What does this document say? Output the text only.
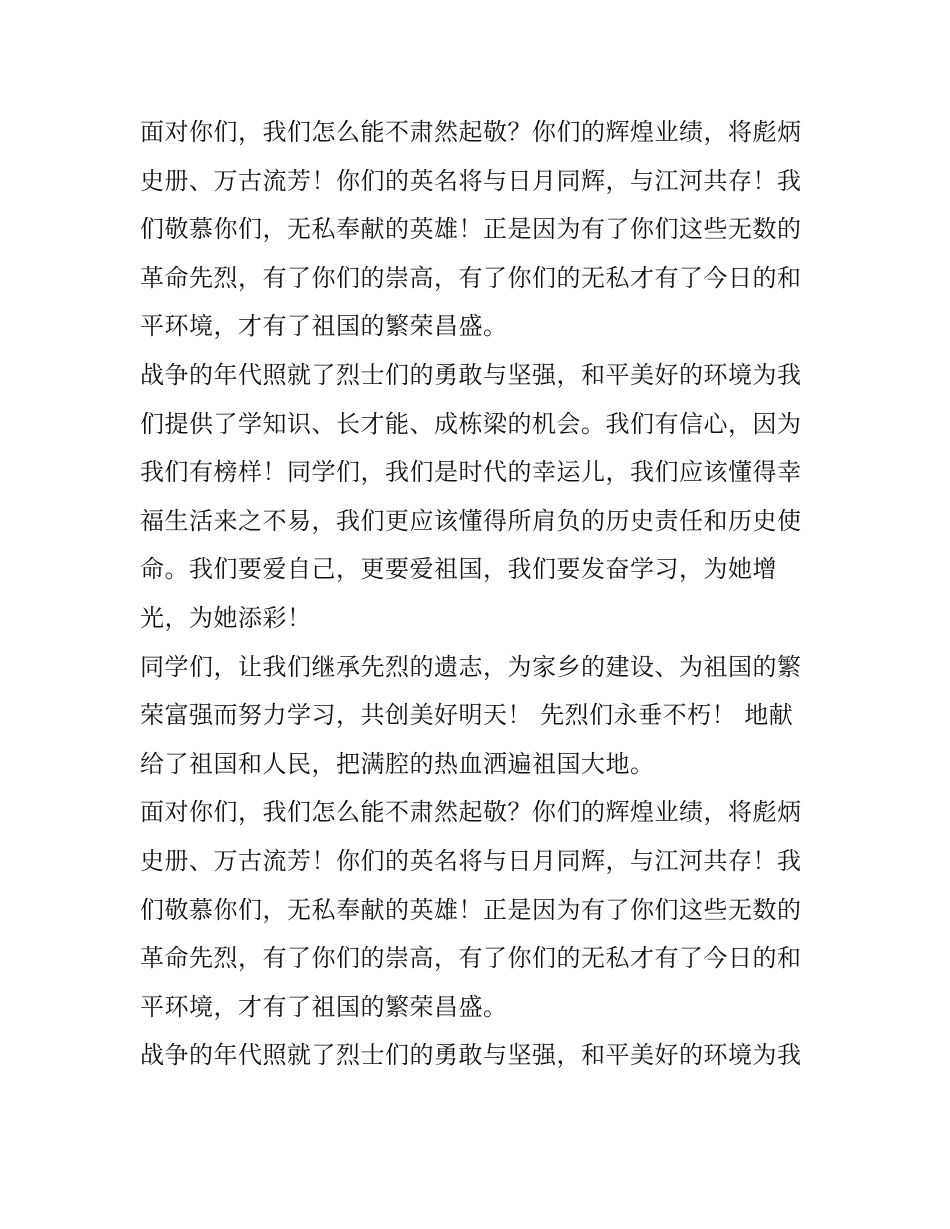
面对你们，我们怎么能不肃然起敬？你们的辉煌业绩，将彪炳
史册、万古流芳！你们的英名将与日月同辉，与江河共存！我
们敬慕你们，无私奉献的英雄！正是因为有了你们这些无数的
革命先烈，有了你们的崇高，有了你们的无私才有了今日的和
平环境，才有了祖国的繁荣昌盛。
战争的年代照就了烈士们的勇敢与坚强，和平美好的环境为我
们提供了学知识、长才能、成栋梁的机会。我们有信心，因为
我们有榜样！同学们，我们是时代的幸运儿，我们应该懂得幸
福生活来之不易，我们更应该懂得所肩负的历史责任和历史使
命。我们要爱自己，更要爱祖国，我们要发奋学习，为她增
光，为她添彩！
同学们，让我们继承先烈的遗志，为家乡的建设、为祖国的繁
荣富强而努力学习，共创美好明天！ 先烈们永垂不朽！ 地献
给了祖国和人民，把满腔的热血洒遍祖国大地。
面对你们，我们怎么能不肃然起敬？你们的辉煌业绩，将彪炳
史册、万古流芳！你们的英名将与日月同辉，与江河共存！我
们敬慕你们，无私奉献的英雄！正是因为有了你们这些无数的
革命先烈，有了你们的崇高，有了你们的无私才有了今日的和
平环境，才有了祖国的繁荣昌盛。
战争的年代照就了烈士们的勇敢与坚强，和平美好的环境为我
